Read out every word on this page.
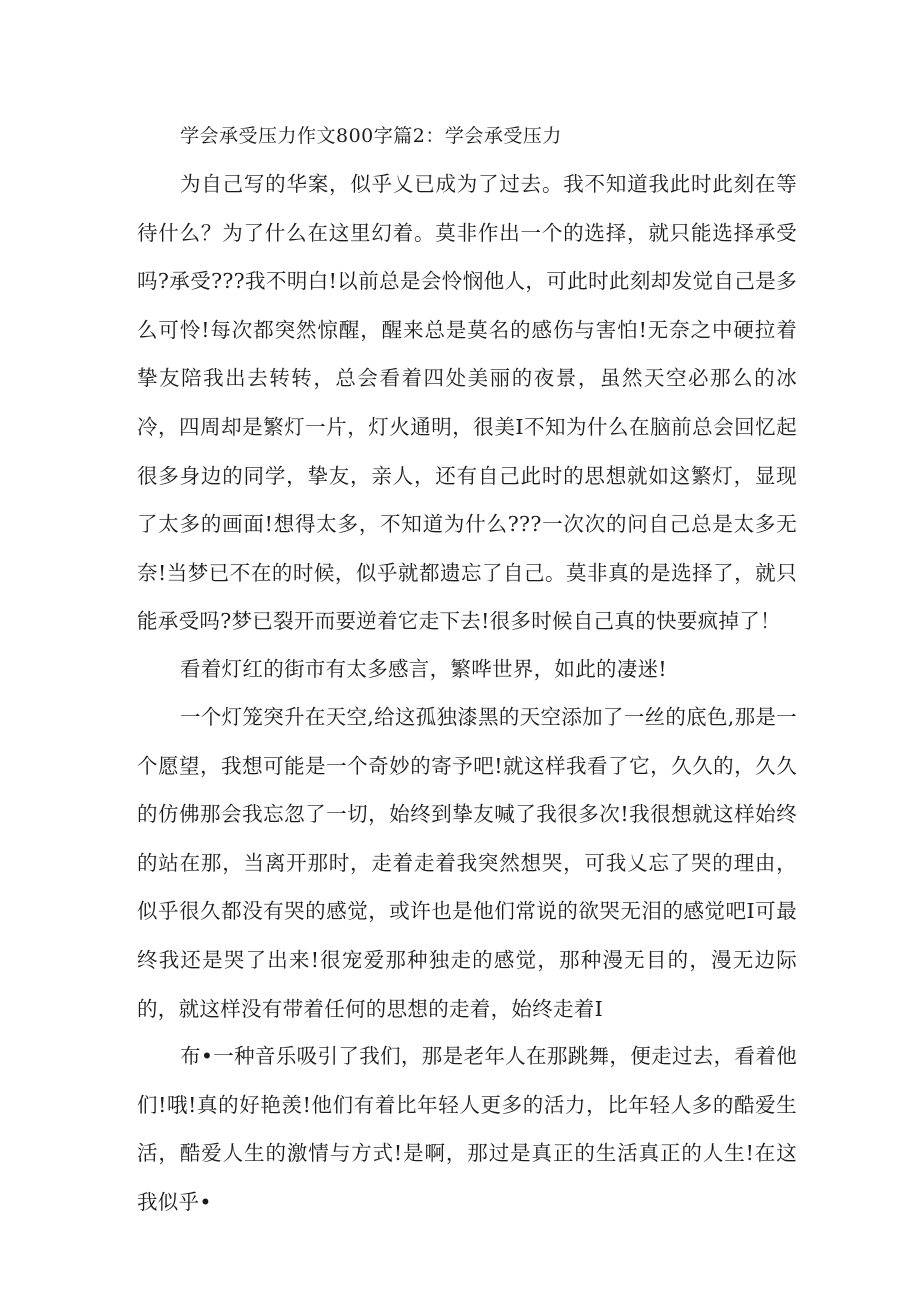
学会承受压力作文800字篇2：学会承受压力

为自己写的华案，似乎乂已成为了过去。我不知道我此时此刻在等待什么？为了什么在这里幻着。莫非作出一个的选择，就只能选择承受吗?承受???我不明白!以前总是会怜悯他人，可此时此刻却发觉自己是多么可怜!每次都突然惊醒，醒来总是莫名的感伤与害怕!无奈之中硬拉着挚友陪我出去转转，总会看着四处美丽的夜景，虽然天空必那么的冰冷，四周却是繁灯一片，灯火通明，很美I不知为什么在脑前总会回忆起很多身边的同学，挚友，亲人，还有自己此时的思想就如这繁灯，显现了太多的画面!想得太多，不知道为什么???一次次的问自己总是太多无奈!当梦已不在的时候，似乎就都遗忘了自己。莫非真的是选择了，就只能承受吗?梦已裂开而要逆着它走下去!很多时候自己真的快要疯掉了！

看着灯红的街市有太多感言，繁哗世界，如此的凄迷!

一个灯笼突升在天空,给这孤独漆黑的天空添加了一丝的底色,那是一个愿望，我想可能是一个奇妙的寄予吧!就这样我看了它，久久的，久久的仿佛那会我忘忽了一切，始终到挚友喊了我很多次!我很想就这样始终的站在那，当离开那时，走着走着我突然想哭，可我乂忘了哭的理由，似乎很久都没有哭的感觉，或许也是他们常说的欲哭无泪的感觉吧I可最终我还是哭了出来!很宠爱那种独走的感觉，那种漫无目的，漫无边际的，就这样没有带着任何的思想的走着，始终走着I

布•一种音乐吸引了我们，那是老年人在那跳舞，便走过去，看着他们!哦!真的好艳羡!他们有着比年轻人更多的活力，比年轻人多的酷爱生活，酷爱人生的激情与方式!是啊，那过是真正的生活真正的人生!在这我似乎•
